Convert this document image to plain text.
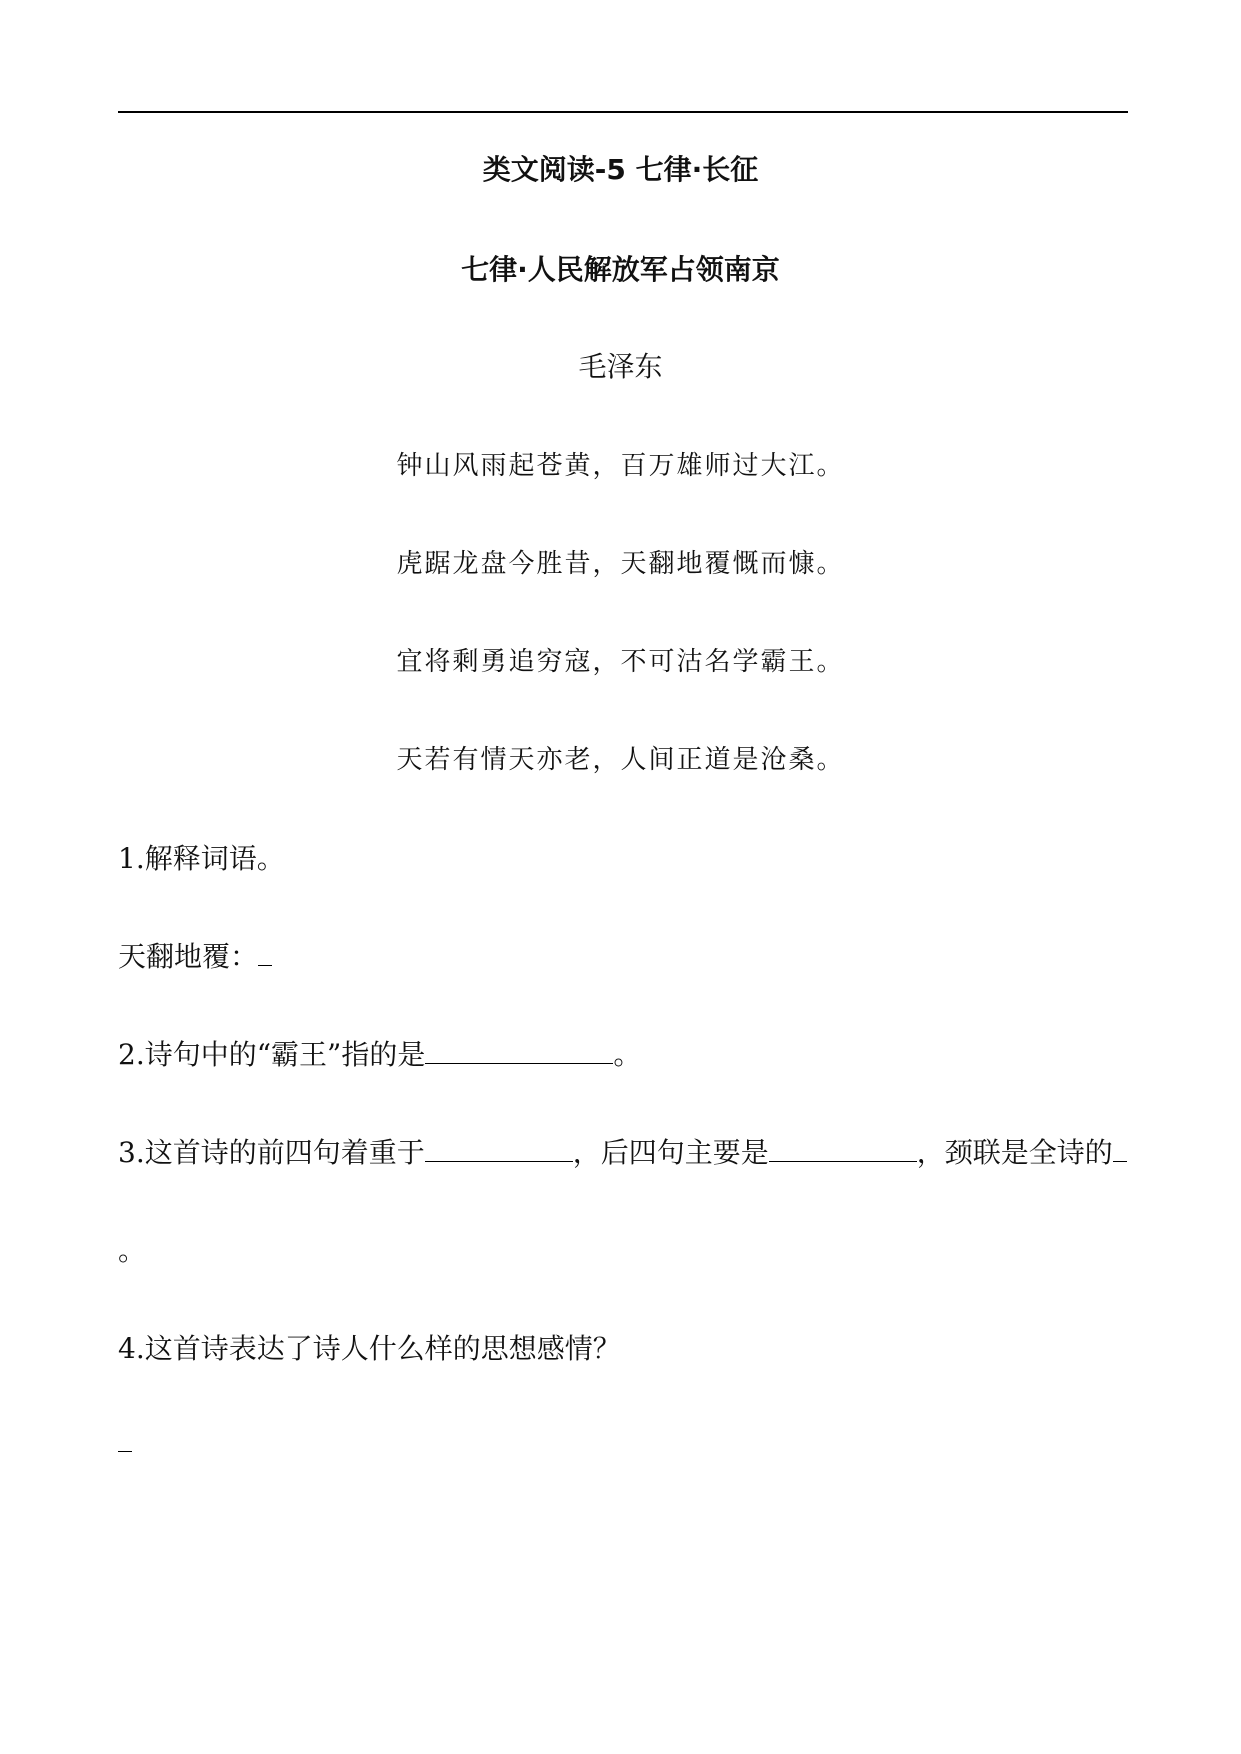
类文阅读-5 七律·长征
七律·人民解放军占领南京
毛泽东
钟山风雨起苍黄，百万雄师过大江。
虎踞龙盘今胜昔，天翻地覆慨而慷。
宜将剩勇追穷寇，不可沽名学霸王。
天若有情天亦老，人间正道是沧桑。
1.解释词语。
天翻地覆：
2.诗句中的“霸王”指的是	。
3.这首诗的前四句着重于	，后四句主要是	，颈联是全诗的
。
4.这首诗表达了诗人什么样的思想感情？
